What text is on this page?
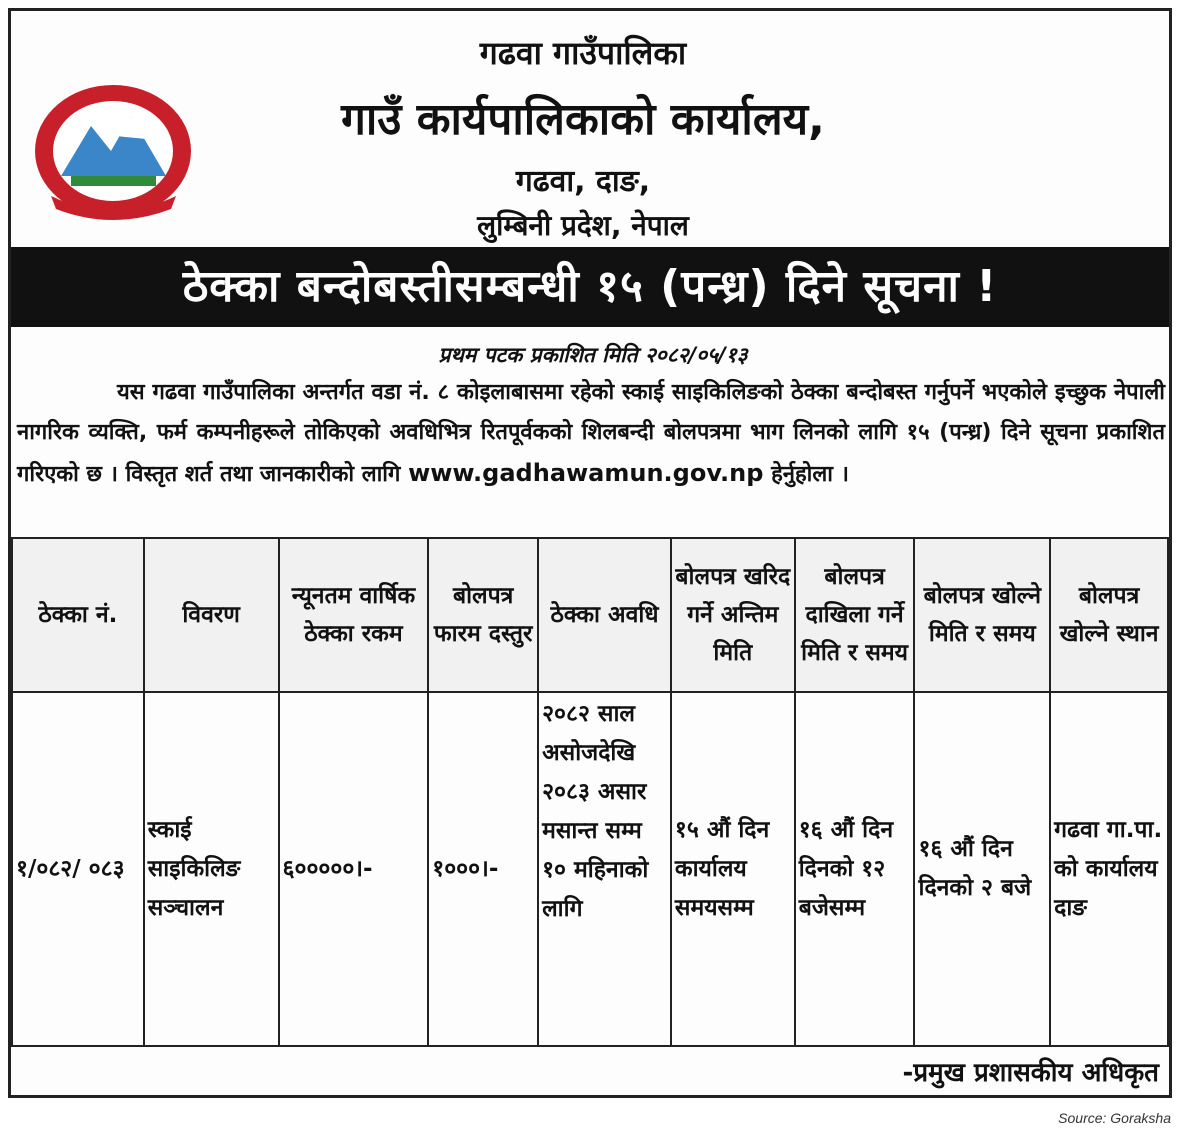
गढवा गाउँपालिका
गाउँ कार्यपालिकाको कार्यालय,
गढवा, दाङ,
लुम्बिनी प्रदेश, नेपाल
ठेक्का बन्दोबस्तीसम्बन्धी १५ (पन्ध्र) दिने सूचना !
प्रथम पटक प्रकाशित मिति २०८२/०५/१३

यस गढवा गाउँपालिका अन्तर्गत वडा नं. ८ कोइलाबासमा रहेको स्काई साइकिलिङको ठेक्का बन्दोबस्त गर्नुपर्ने भएकोले इच्छुक नेपाली नागरिक व्यक्ति, फर्म कम्पनीहरूले तोकिएको अवधिभित्र रितपूर्वकको शिलबन्दी बोलपत्रमा भाग लिनको लागि १५ (पन्ध्र) दिने सूचना प्रकाशित गरिएको छ । विस्तृत शर्त तथा जानकारीको लागि www.gadhawamun.gov.np हेर्नुहोला ।

ठेक्का नं.	विवरण	न्यूनतम वार्षिक ठेक्का रकम	बोलपत्र फारम दस्तुर	ठेक्का अवधि	बोलपत्र खरिद गर्ने अन्तिम मिति	बोलपत्र दाखिला गर्ने मिति र समय	बोलपत्र खोल्ने मिति र समय	बोलपत्र खोल्ने स्थान
१/०८२/ ०८३	स्काई साइकिलिङ सञ्चालन	६०००००।-	१०००।-	२०८२ साल असोजदेखि २०८३ असार मसान्त सम्म १० महिनाको लागि	१५ औं दिन कार्यालय समयसम्म	१६ औं दिन दिनको १२ बजेसम्म	१६ औं दिन दिनको २ बजे	गढवा गा.पा. को कार्यालय दाङ
-प्रमुख प्रशासकीय अधिकृत
Source: Goraksha
